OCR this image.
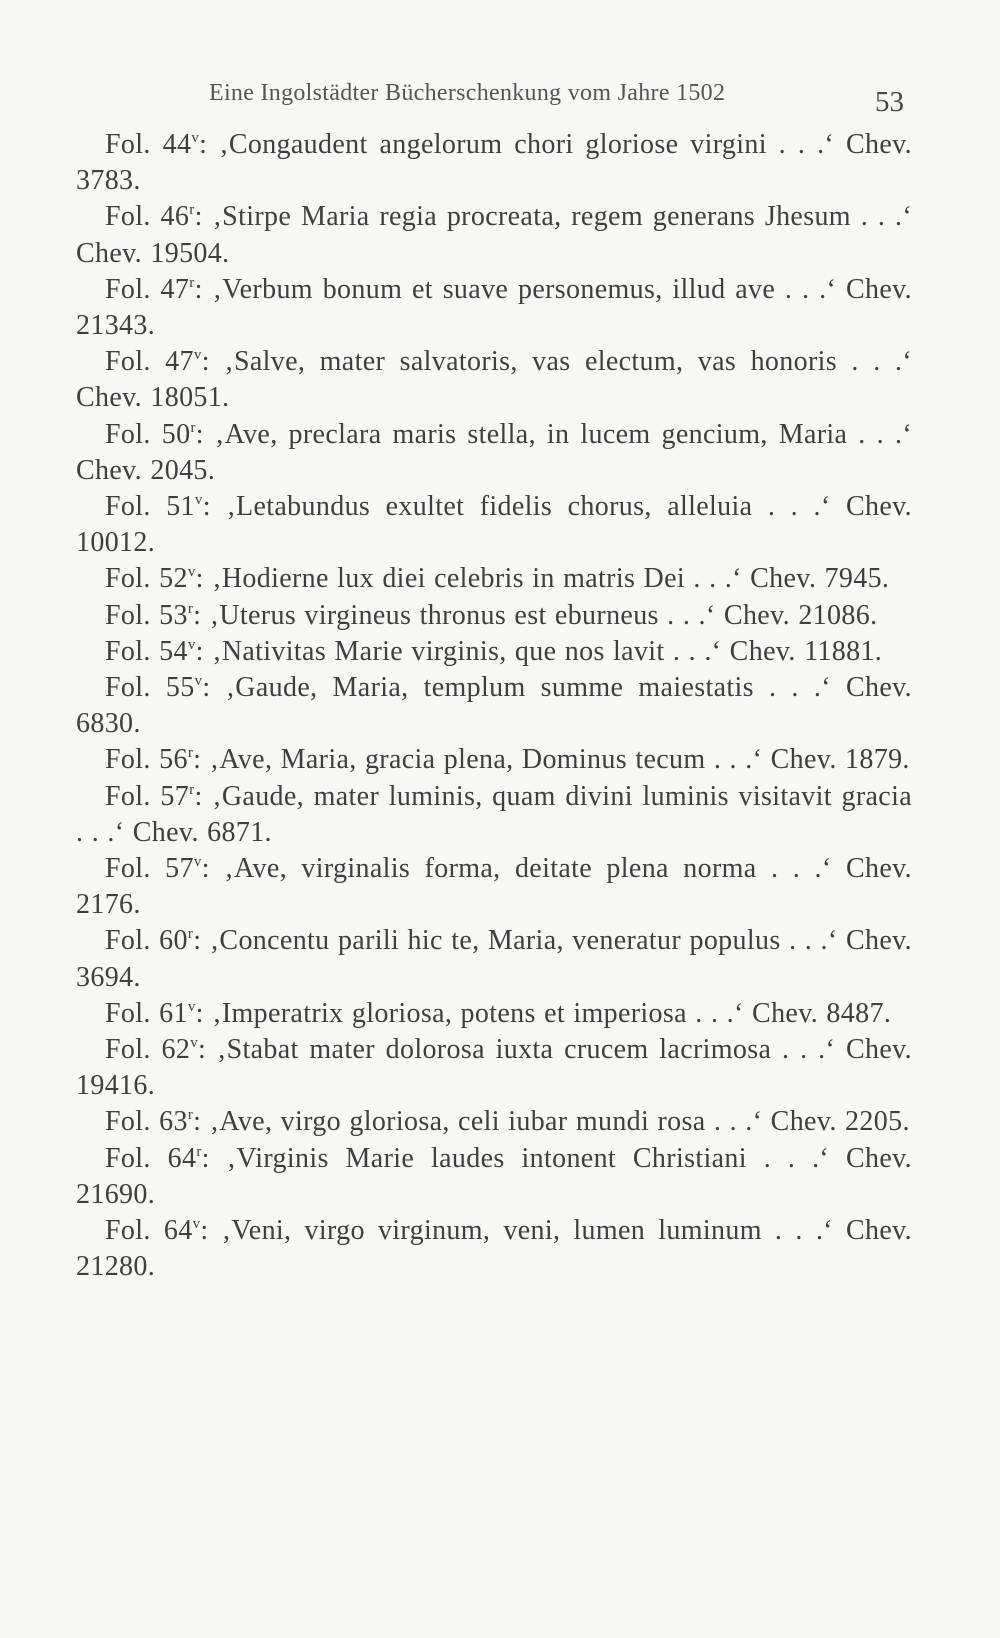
Eine Ingolstädter Bücherschenkung vom Jahre 1502	53

Fol. 44$^v$: ‚Congaudent angelorum chori gloriose virgini . . .‘ Chev. 3783.

Fol. 46$^r$: ‚Stirpe Maria regia procreata, regem generans Jhesum . . .‘ Chev. 19504.

Fol. 47$^r$: ‚Verbum bonum et suave personemus, illud ave . . .‘ Chev. 21343.

Fol. 47$^v$: ‚Salve, mater salvatoris, vas electum, vas honoris . . .‘ Chev. 18051.

Fol. 50$^r$: ‚Ave, preclara maris stella, in lucem gencium, Maria . . .‘ Chev. 2045.

Fol. 51$^v$: ‚Letabundus exultet fidelis chorus, alleluia . . .‘ Chev. 10012.

Fol. 52$^v$: ‚Hodierne lux diei celebris in matris Dei . . .‘ Chev. 7945.

Fol. 53$^r$: ‚Uterus virgineus thronus est eburneus . . .‘ Chev. 21086.

Fol. 54$^v$: ‚Nativitas Marie virginis, que nos lavit . . .‘ Chev. 11881.

Fol. 55$^v$: ‚Gaude, Maria, templum summe maiestatis . . .‘ Chev. 6830.

Fol. 56$^r$: ‚Ave, Maria, gracia plena, Dominus tecum . . .‘ Chev. 1879.

Fol. 57$^r$: ‚Gaude, mater luminis, quam divini luminis visitavit gracia . . .‘ Chev. 6871.

Fol. 57$^v$: ‚Ave, virginalis forma, deitate plena norma . . .‘ Chev. 2176.

Fol. 60$^r$: ‚Concentu parili hic te, Maria, veneratur populus . . .‘ Chev. 3694.

Fol. 61$^v$: ‚Imperatrix gloriosa, potens et imperiosa . . .‘ Chev. 8487.

Fol. 62$^v$: ‚Stabat mater dolorosa iuxta crucem lacrimosa . . .‘ Chev. 19416.

Fol. 63$^r$: ‚Ave, virgo gloriosa, celi iubar mundi rosa . . .‘ Chev. 2205.

Fol. 64$^r$: ‚Virginis Marie laudes intonent Christiani . . .‘ Chev. 21690.

Fol. 64$^v$: ‚Veni, virgo virginum, veni, lumen luminum . . .‘ Chev. 21280.
